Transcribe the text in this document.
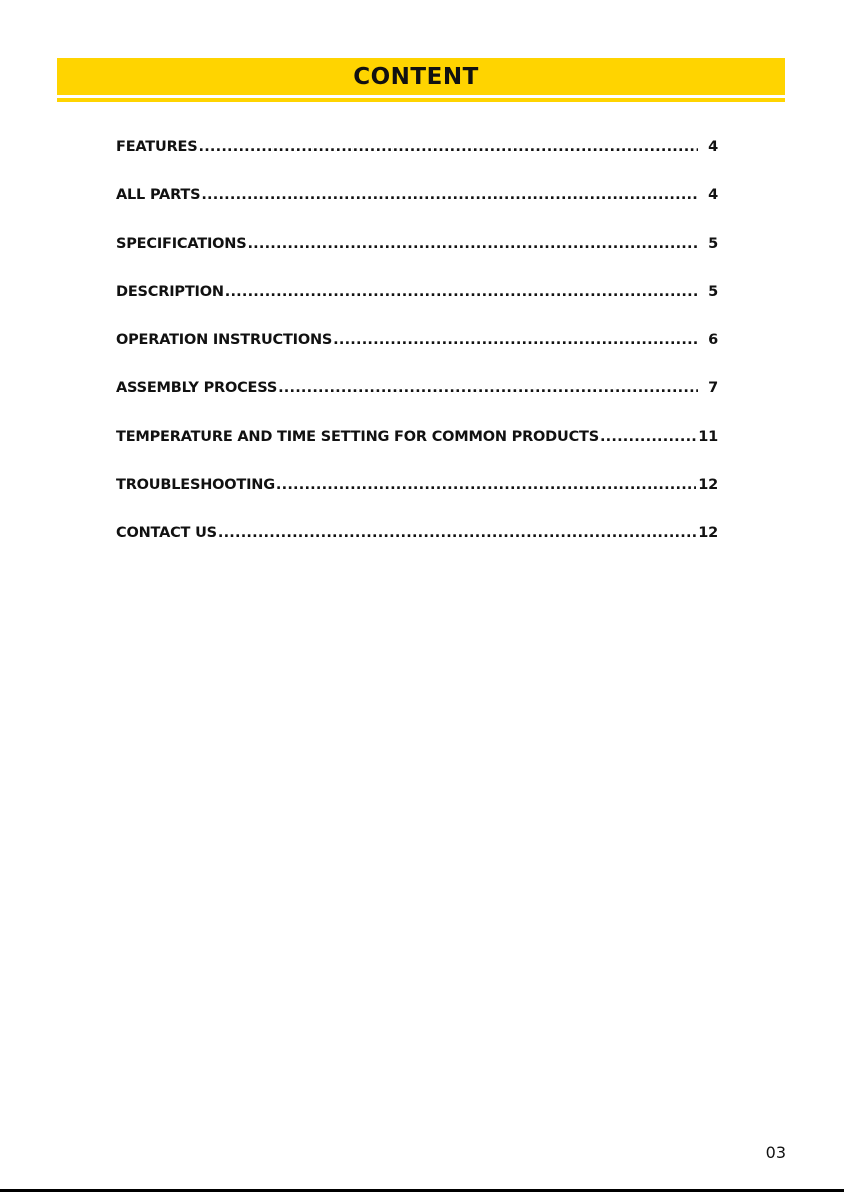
CONTENT
FEATURES .....	4
ALL PARTS .....	4
SPECIFICATIONS .....	5
DESCRIPTION .....	5
OPERATION INSTRUCTIONS .....	6
ASSEMBLY PROCESS .....	7
TEMPERATURE AND TIME SETTING FOR COMMON PRODUCTS .....	11
TROUBLESHOOTING .....	12
CONTACT US .....	12
03
